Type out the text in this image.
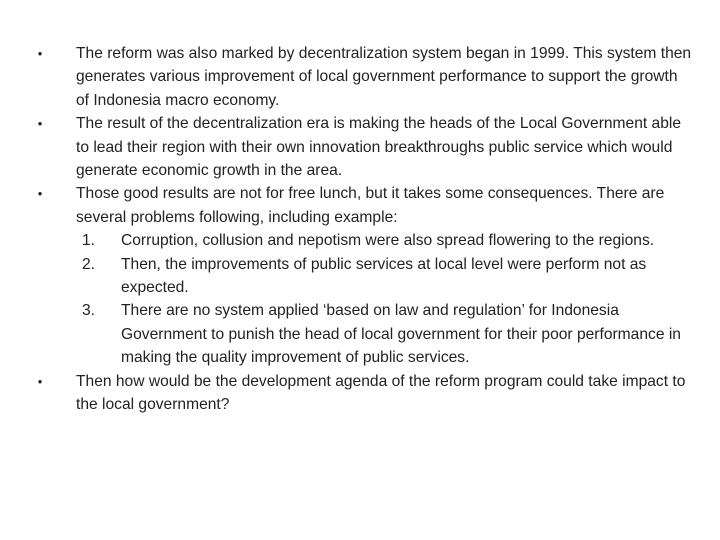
•	The reform was also marked by decentralization system began in 1999. This system then generates various improvement of local government performance to support the growth of Indonesia macro economy.
•	The result of the decentralization era is making the heads of the Local Government able to lead their region with their own innovation breakthroughs public service which would generate economic growth in the area.
•	Those good results are not for free lunch, but it takes some consequences. There are several problems following, including example:
1.	Corruption, collusion and nepotism were also spread flowering to the regions.
2.	Then, the improvements of public services at local level were perform not as expected.
3.	There are no system applied ‘based on law and regulation’ for Indonesia Government to punish the head of local government for their poor performance in making the quality improvement of public services.
•	Then how would be the development agenda of the reform program could take impact to the local government?
